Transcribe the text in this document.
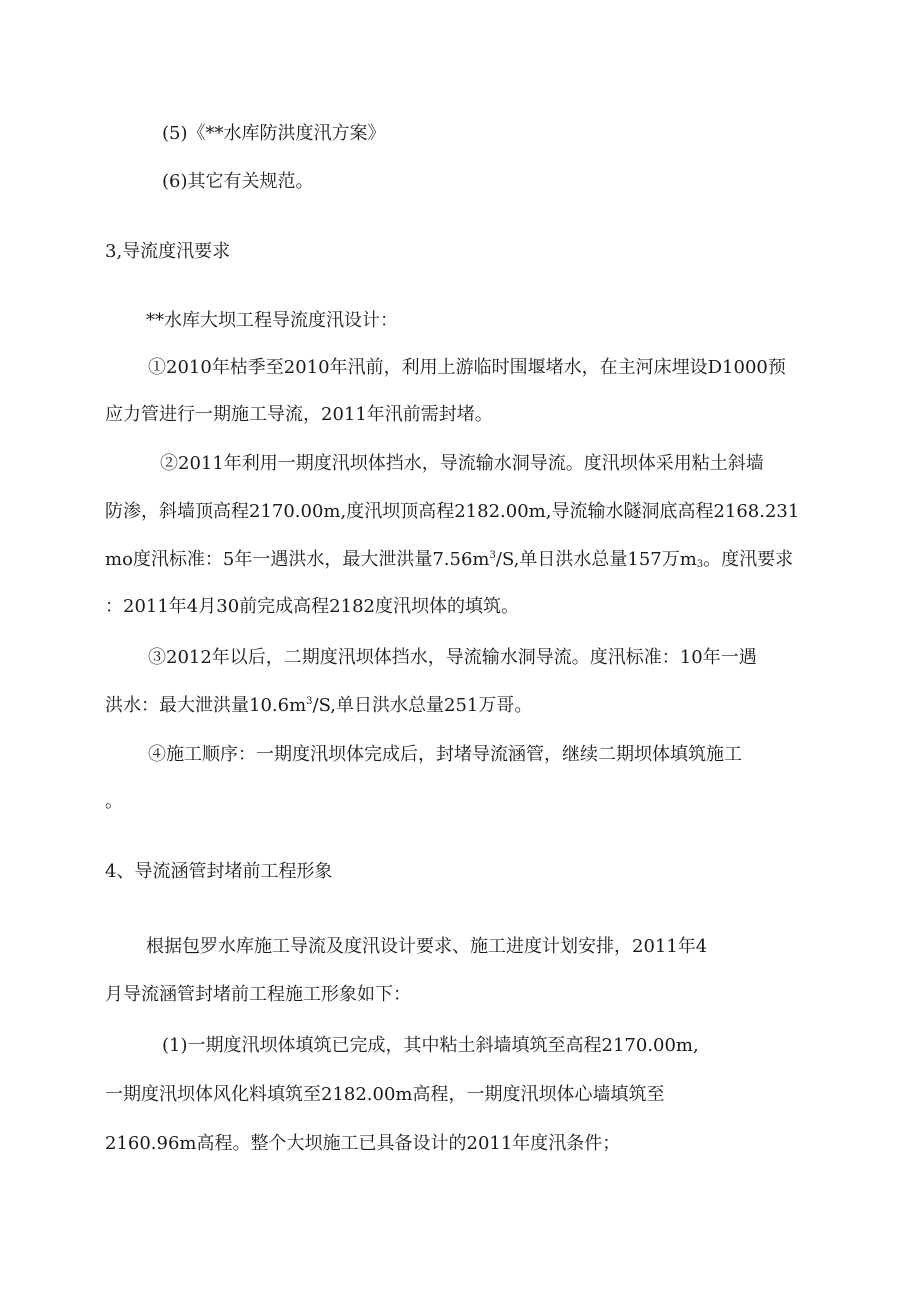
(5)《**水库防洪度汛方案》
(6)其它有关规范。
3,导流度汛要求
**水库大坝工程导流度汛设计：
①2010年枯季至2010年汛前，利用上游临时围堰堵水，在主河床埋设D1000预
应力管进行一期施工导流，2011年汛前需封堵。
②2011年利用一期度汛坝体挡水，导流输水洞导流。度汛坝体采用粘土斜墙
防渗，斜墙顶高程2170.00m,度汛坝顶高程2182.00m,导流输水隧洞底高程2168.231
mo度汛标准：5年一遇洪水，最大泄洪量$7.56m^3/S$,单日洪水总量157万$m_3$。度汛要求
：2011年4月30前完成高程2182度汛坝体的填筑。
③2012年以后，二期度汛坝体挡水，导流输水洞导流。度汛标准：10年一遇
洪水：最大泄洪量$10.6m^3/S$,单日洪水总量251万哥。
④施工顺序：一期度汛坝体完成后，封堵导流涵管，继续二期坝体填筑施工
。
4、导流涵管封堵前工程形象
根据包罗水库施工导流及度汛设计要求、施工进度计划安排，2011年4
月导流涵管封堵前工程施工形象如下：
(1)一期度汛坝体填筑已完成，其中粘土斜墙填筑至高程2170.00m,
一期度汛坝体风化料填筑至2182.00m高程，一期度汛坝体心墙填筑至
2160.96m高程。整个大坝施工已具备设计的2011年度汛条件；
